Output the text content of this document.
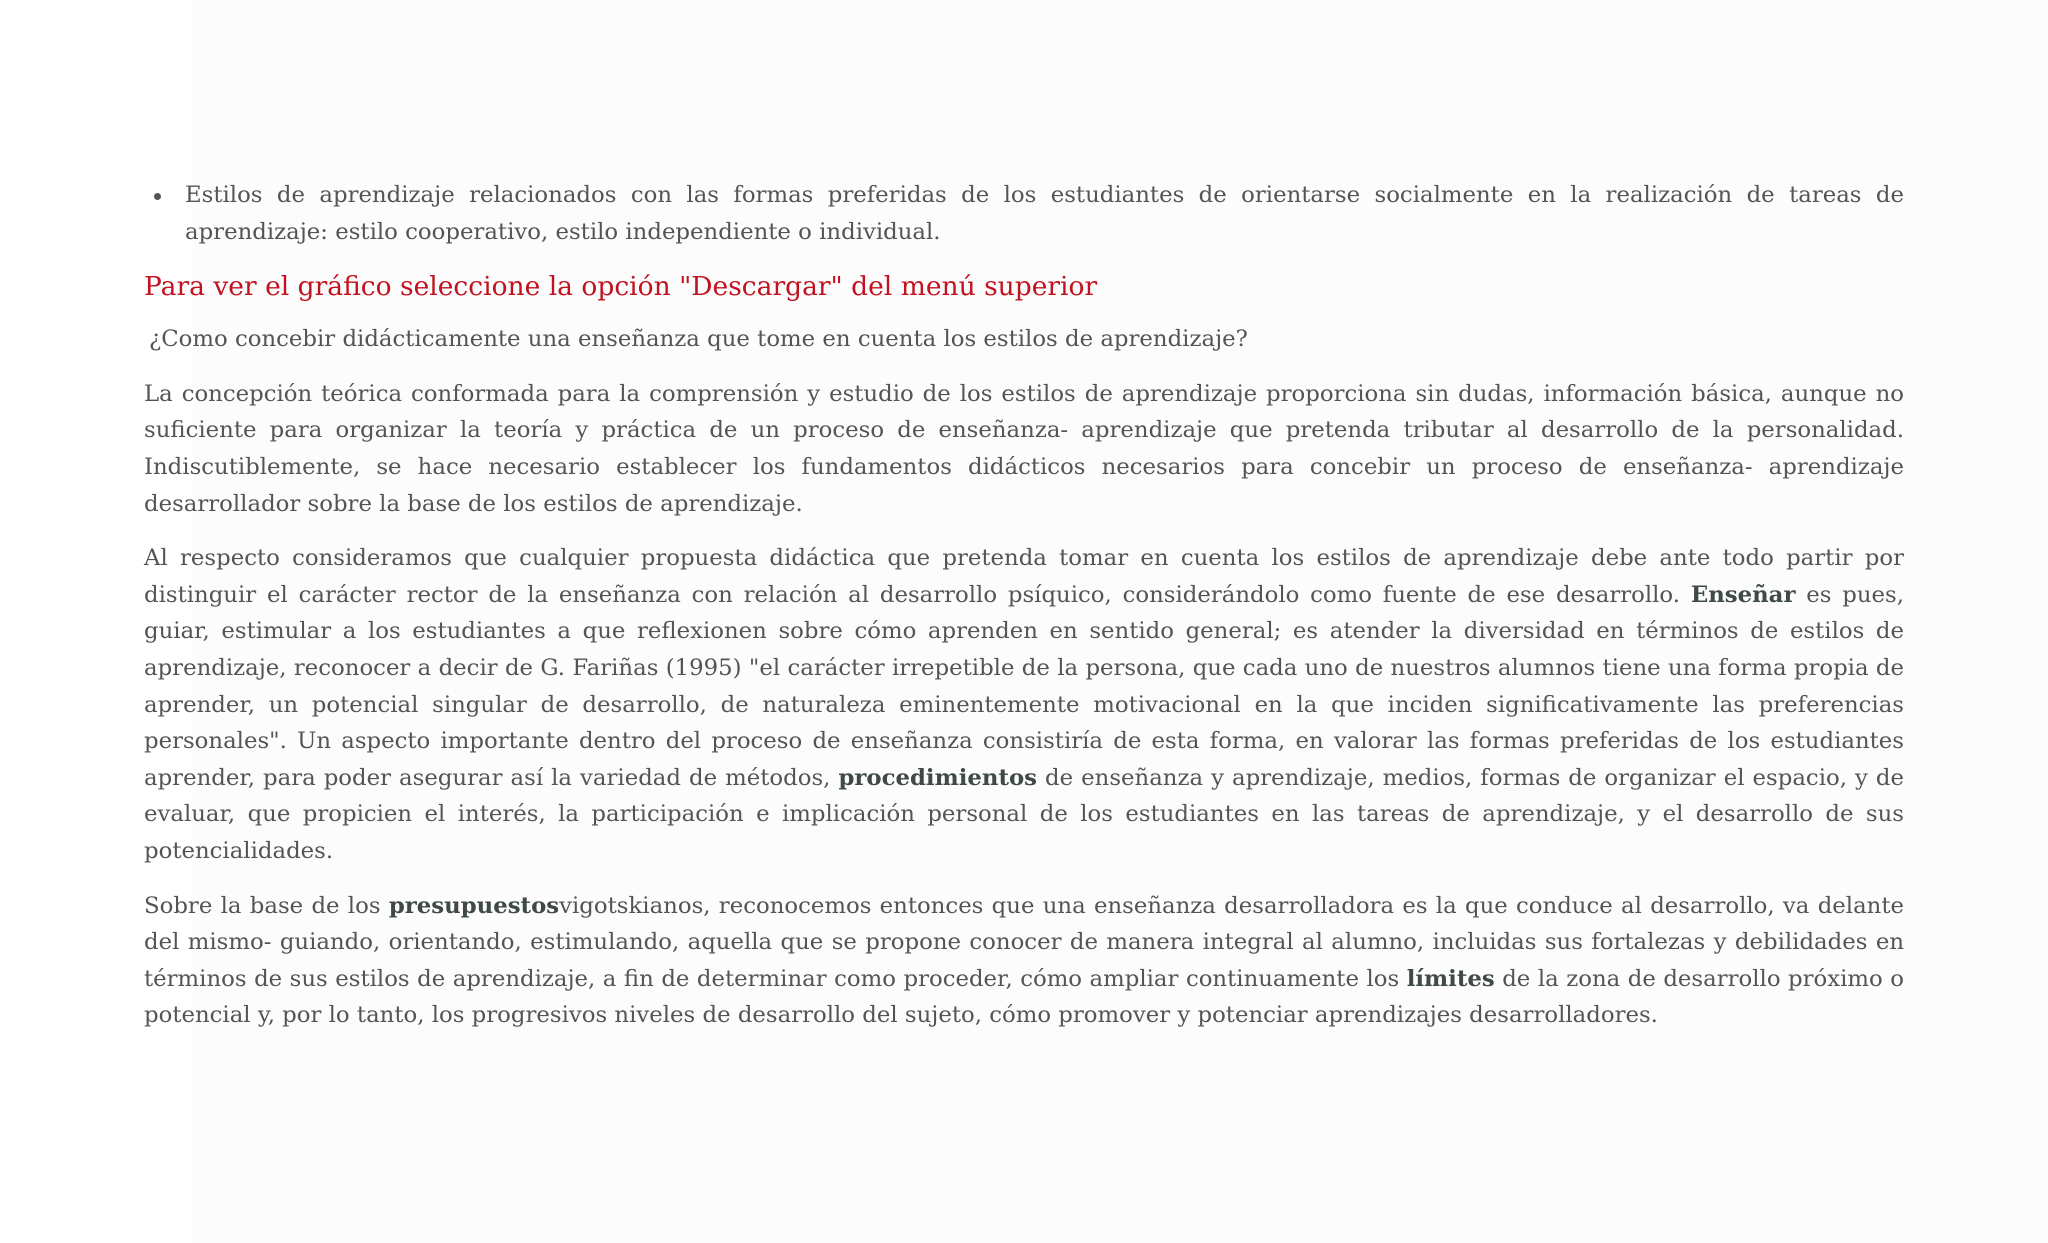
Estilos de aprendizaje relacionados con las formas preferidas de los estudiantes de orientarse socialmente en la realización de tareas de aprendizaje: estilo cooperativo, estilo independiente o individual.
Para ver el gráfico seleccione la opción "Descargar" del menú superior

¿Como concebir didácticamente una enseñanza que tome en cuenta los estilos de aprendizaje?

La concepción teórica conformada para la comprensión y estudio de los estilos de aprendizaje proporciona sin dudas, información básica, aunque no suficiente para organizar la teoría y práctica de un proceso de enseñanza- aprendizaje que pretenda tributar al desarrollo de la personalidad. Indiscutiblemente, se hace necesario establecer los fundamentos didácticos necesarios para concebir un proceso de enseñanza- aprendizaje desarrollador sobre la base de los estilos de aprendizaje.

Al respecto consideramos que cualquier propuesta didáctica que pretenda tomar en cuenta los estilos de aprendizaje debe ante todo partir por distinguir el carácter rector de la enseñanza con relación al desarrollo psíquico, considerándolo como fuente de ese desarrollo. Enseñar es pues, guiar, estimular a los estudiantes a que reflexionen sobre cómo aprenden en sentido general; es atender la diversidad en términos de estilos de aprendizaje, reconocer a decir de G. Fariñas (1995) "el carácter irrepetible de la persona, que cada uno de nuestros alumnos tiene una forma propia de aprender, un potencial singular de desarrollo, de naturaleza eminentemente motivacional en la que inciden significativamente las preferencias personales". Un aspecto importante dentro del proceso de enseñanza consistiría de esta forma, en valorar las formas preferidas de los estudiantes aprender, para poder asegurar así la variedad de métodos, procedimientos de enseñanza y aprendizaje, medios, formas de organizar el espacio, y de evaluar, que propicien el interés, la participación e implicación personal de los estudiantes en las tareas de aprendizaje, y el desarrollo de sus potencialidades.

Sobre la base de los presupuestosvigotskianos, reconocemos entonces que una enseñanza desarrolladora es la que conduce al desarrollo, va delante del mismo- guiando, orientando, estimulando, aquella que se propone conocer de manera integral al alumno, incluidas sus fortalezas y debilidades en términos de sus estilos de aprendizaje, a fin de determinar como proceder, cómo ampliar continuamente los límites de la zona de desarrollo próximo o potencial y, por lo tanto, los progresivos niveles de desarrollo del sujeto, cómo promover y potenciar aprendizajes desarrolladores.
